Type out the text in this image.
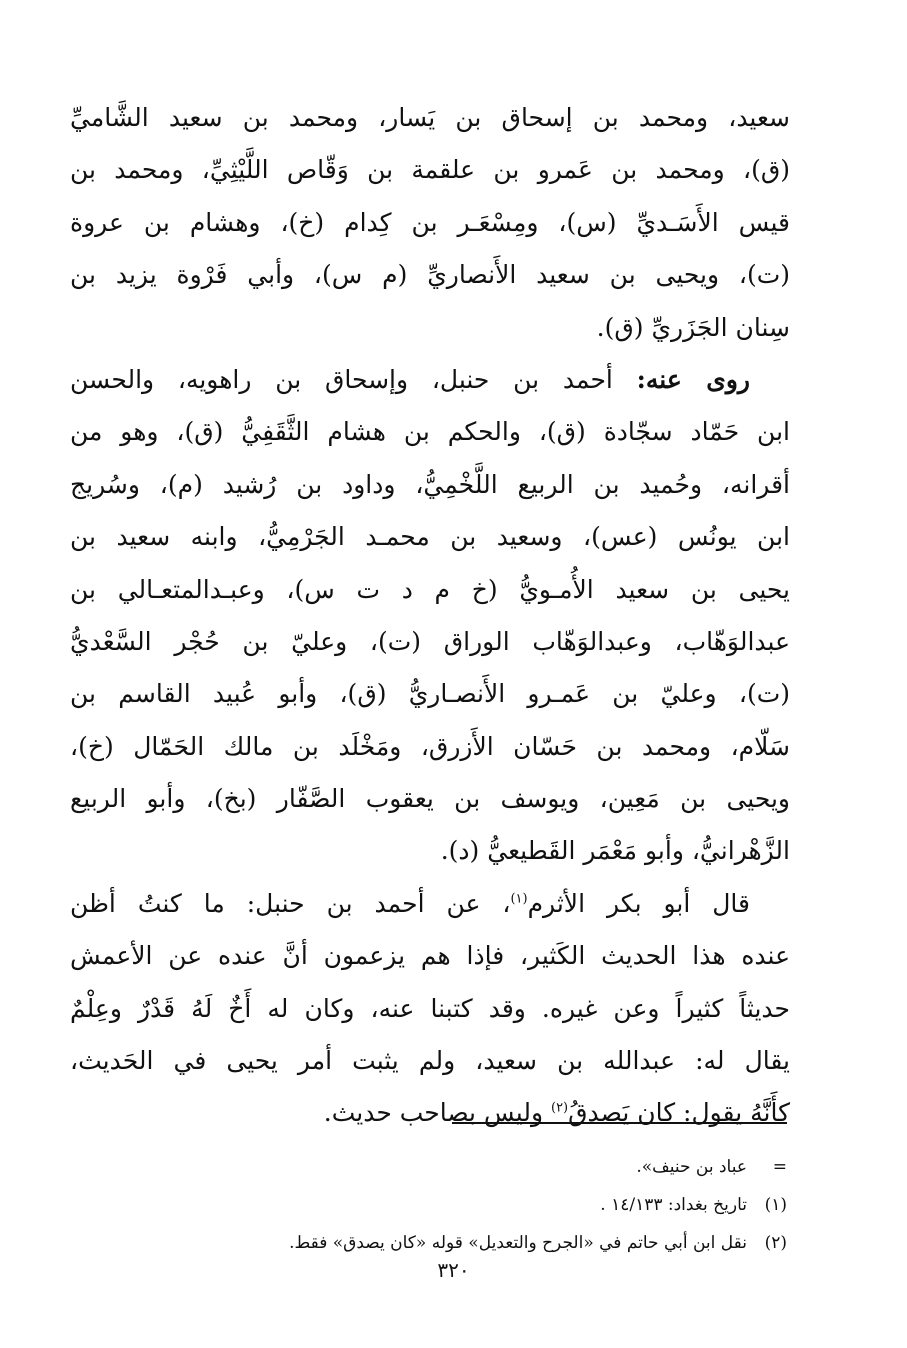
سعيد، ومحمد بن إسحاق بن يَسار، ومحمد بن سعيد الشَّاميِّ
(ق)، ومحمد بن عَمرو بن علقمة بن وَقّاص اللَّيْثِيِّ، ومحمد بن
قيس الأَسَـديِّ (س)، ومِسْعَـر بن كِدام (خ)، وهشام بن عروة
(ت)، ويحيى بن سعيد الأَنصاريِّ (م س)، وأبي فَرْوة يزيد بن
سِنان الجَزَريِّ (ق).
روى عنه: أحمد بن حنبل، وإسحاق بن راهويه، والحسن
ابن حَمّاد سجّادة (ق)، والحكم بن هشام الثَّقَفِيُّ (ق)، وهو من
أقرانه، وحُميد بن الربيع اللَّخْمِيُّ، وداود بن رُشيد (م)، وسُريج
ابن يونُس (عس)، وسعيد بن محمـد الجَرْمِيُّ، وابنه سعيد بن
يحيى بن سعيد الأُمـويُّ (خ م د ت س)، وعبـدالمتعـالي بن
عبدالوَهّاب، وعبدالوَهّاب الوراق (ت)، وعليّ بن حُجْر السَّعْديُّ
(ت)، وعليّ بن عَمـرو الأَنصـاريُّ (ق)، وأبو عُبيد القاسم بن
سَلّام، ومحمد بن حَسّان الأَزرق، ومَخْلَد بن مالك الحَمّال (خ)،
ويحيى بن مَعِين، ويوسف بن يعقوب الصَّفّار (بخ)، وأبو الربيع
الزَّهْرانيُّ، وأبو مَعْمَر القَطيعيُّ (د).
قال أبو بكر الأثرم$^{(١)}$، عن أحمد بن حنبل: ما كنتُ أظن
عنده هذا الحديث الكَثير، فإذا هم يزعمون أنَّ عنده عن الأعمش
حديثاً كثيراً وعن غيره. وقد كتبنا عنه، وكان له أَخٌ لَهُ قَدْرٌ وعِلْمٌ
يقال له: عبدالله بن سعيد، ولم يثبت أمر يحيى في الحَديث،
كأَنَّهُ يقول: كان يَصدقُ$^{(٢)}$ وليس بصاحب حديث.
=عباد بن حنيف».
(١)تاريخ بغداد: ١٤/١٣٣ .
(٢)نقل ابن أبي حاتم في «الجرح والتعديل» قوله «كان يصدق» فقط.
٣٢٠
